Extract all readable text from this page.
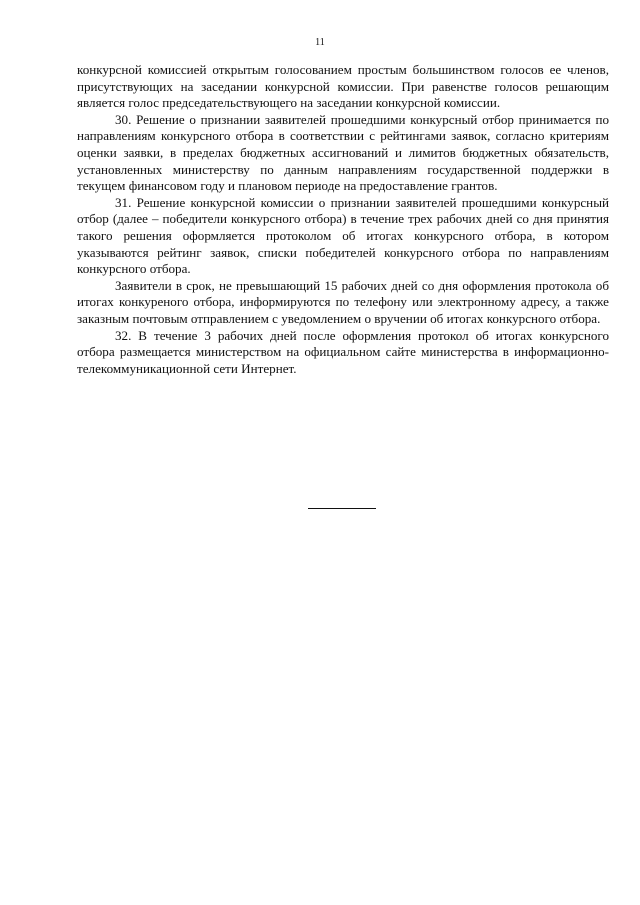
11

конкурсной комиссией открытым голосованием простым большинством голосов ее членов, присутствующих на заседании конкурсной комиссии. При равенстве голосов решающим является голос председательствующего на заседании конкурсной комиссии.

30. Решение о признании заявителей прошедшими конкурсный отбор принимается по направлениям конкурсного отбора в соответствии с рейтингами заявок, согласно критериям оценки заявки, в пределах бюджетных ассигнований и лимитов бюджетных обязательств, установленных министерству по данным направлениям государственной поддержки в текущем финансовом году и плановом периоде на предоставление грантов.

31. Решение конкурсной комиссии о признании заявителей прошедшими конкурсный отбор (далее – победители конкурсного отбора) в течение трех рабочих дней со дня принятия такого решения оформляется протоколом об итогах конкурсного отбора, в котором указываются рейтинг заявок, списки победителей конкурсного отбора по направлениям конкурсного отбора.

Заявители в срок, не превышающий 15 рабочих дней со дня оформления протокола об итогах конкуреного отбора, информируются по телефону или электронному адресу, а также заказным почтовым отправлением с уведомлением о вручении об итогах конкурсного отбора.

32. В течение 3 рабочих дней после оформления протокол об итогах конкурсного отбора размещается министерством на официальном сайте министерства в информационно-телекоммуникационной сети Интернет.
